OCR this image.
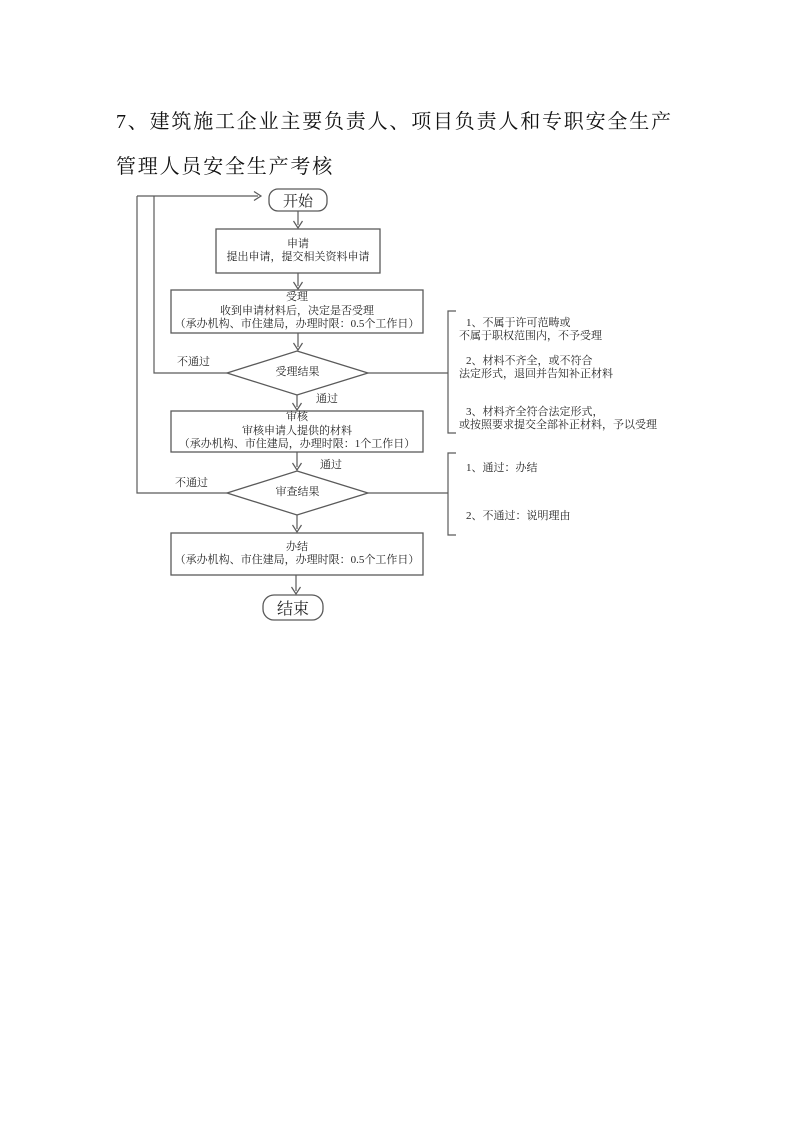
7、建筑施工企业主要负责人、项目负责人和专职安全生产
管理人员安全生产考核
开始
结束
申请
提出申请，提交相关资料申请
受理
收到申请材料后，决定是否受理
（承办机构、市住建局，办理时限：0.5个工作日）
审核
审核申请人提供的材料
（承办机构、市住建局，办理时限：1个工作日）
办结
（承办机构、市住建局，办理时限：0.5个工作日）
受理结果
审查结果
不通过
通过
通过
不通过
1、不属于许可范畴或
不属于职权范围内，不予受理
2、材料不齐全，或不符合
法定形式，退回并告知补正材料
3、材料齐全符合法定形式，
或按照要求提交全部补正材料，予以受理
1、通过：办结
2、不通过：说明理由
